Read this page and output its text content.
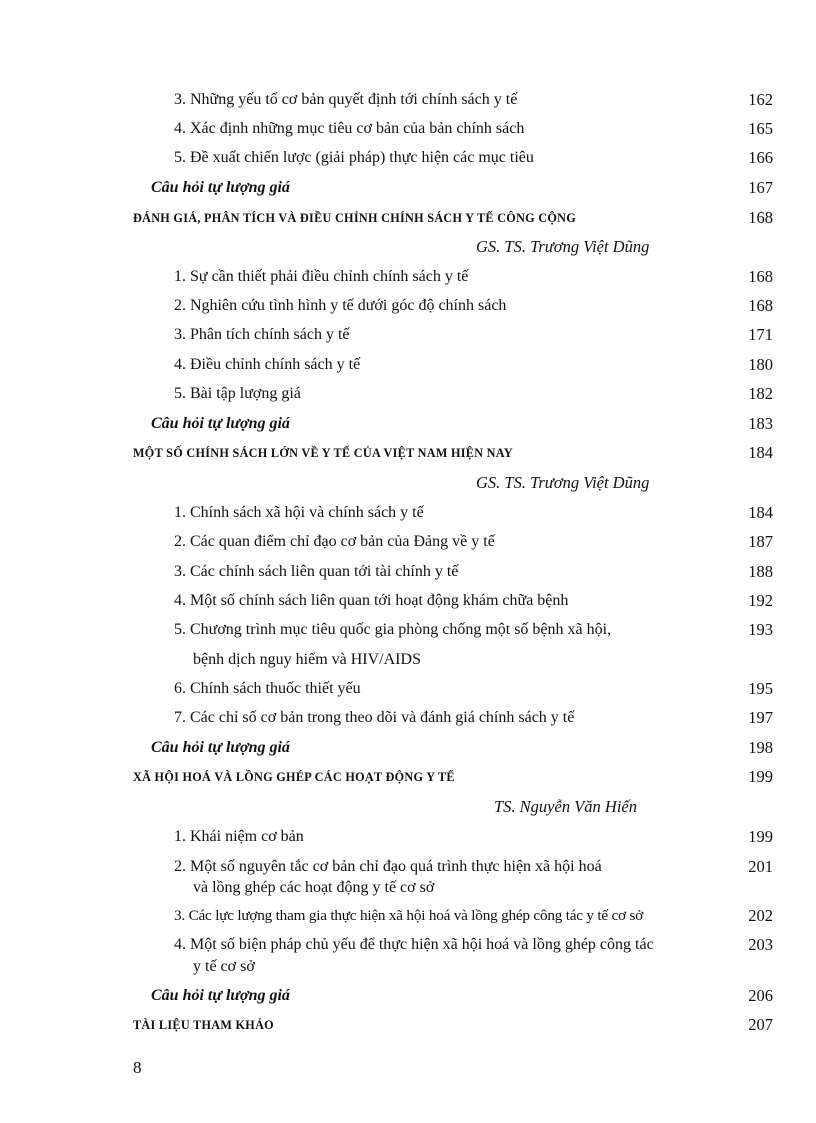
3. Những yếu tố cơ bản quyết định tới chính sách y tế	162
4. Xác định những mục tiêu cơ bản của bản chính sách	165
5. Đề xuất chiến lược (giải pháp) thực hiện các mục tiêu	166
Câu hỏi tự lượng giá	167
ĐÁNH GIÁ, PHÂN TÍCH VÀ ĐIỀU CHỈNH CHÍNH SÁCH Y TẾ CÔNG CỘNG	168
GS. TS. Trương Việt Dũng
1. Sự cần thiết phải điều chỉnh chính sách y tế	168
2. Nghiên cứu tình hình y tế dưới góc độ chính sách	168
3. Phân tích chính sách y tế	171
4. Điều chỉnh chính sách y tế	180
5. Bài tập lượng giá	182
Câu hỏi tự lượng giá	183
MỘT SỐ CHÍNH SÁCH LỚN VỀ Y TẾ CỦA VIỆT NAM HIỆN NAY	184
GS. TS. Trương Việt Dũng
1. Chính sách xã hội và chính sách y tế	184
2. Các quan điểm chỉ đạo cơ bản của Đảng về y tế	187
3. Các chính sách liên quan tới tài chính y tế	188
4. Một số chính sách liên quan tới hoạt động khám chữa bệnh	192
5. Chương trình mục tiêu quốc gia phòng chống một số bệnh xã hội,	193
bệnh dịch nguy hiểm và HIV/AIDS
6. Chính sách thuốc thiết yếu	195
7. Các chỉ số cơ bản trong theo dõi và đánh giá chính sách y tế	197
Câu hỏi tự lượng giá	198
XÃ HỘI HOÁ VÀ LỒNG GHÉP CÁC HOẠT ĐỘNG Y TẾ	199
TS. Nguyễn Văn Hiến
1. Khái niệm cơ bản	199
2. Một số nguyên tắc cơ bản chỉ đạo quá trình thực hiện xã hội hoá	201
và lồng ghép các hoạt động y tế cơ sở
3. Các lực lượng tham gia thực hiện xã hội hoá và lồng ghép công tác y tế cơ sở	202
4. Một số biện pháp chủ yếu để thực hiện xã hội hoá và lồng ghép công tác	203
y tế cơ sở
Câu hỏi tự lượng giá	206
TÀI LIỆU THAM KHẢO	207
8
